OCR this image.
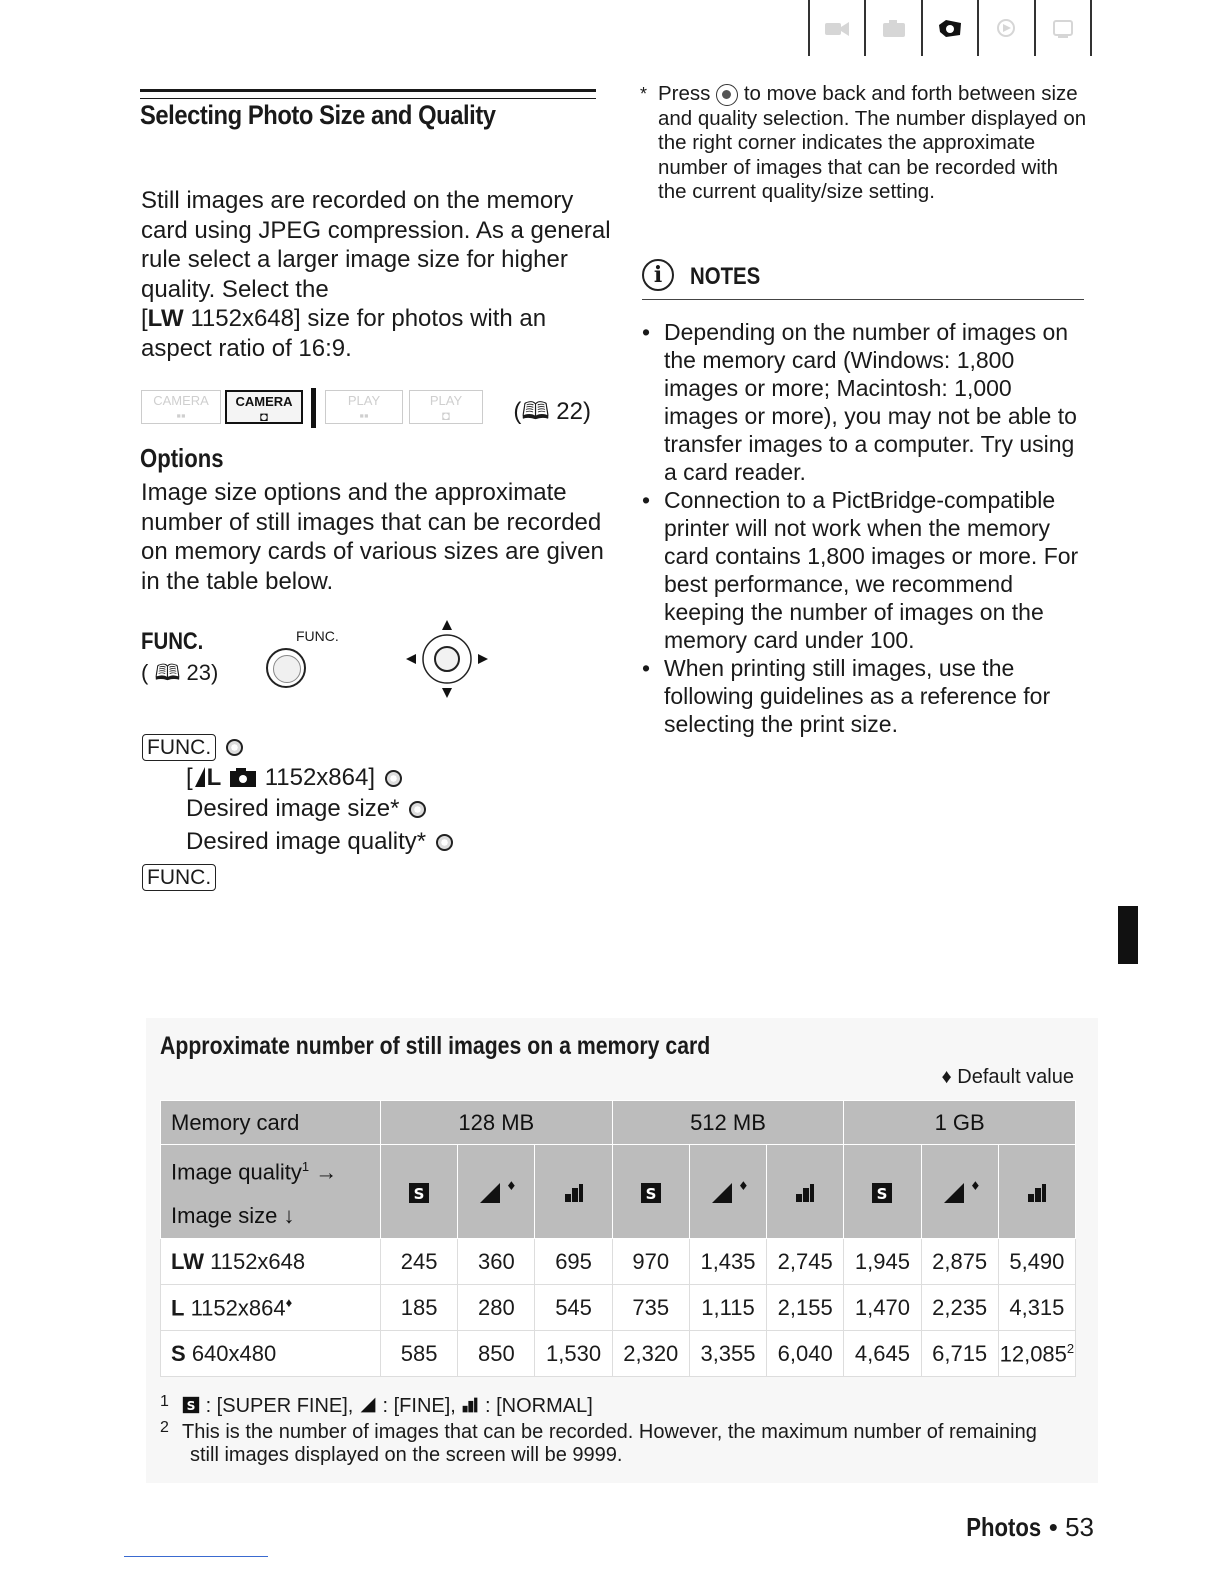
Selecting Photo Size and Quality
Still images are recorded on the memory card using JPEG compression. As a general rule select a larger image size for higher quality. Select the
[LW 1152x648] size for photos with an aspect ratio of 16:9.
CAMERA
▪▪
CAMERA
◘
PLAY
▪▪
PLAY
◘	(🕮 22)
Options
Image size options and the approximate number of still images that can be recorded on memory cards of various sizes are given in the table below.
FUNC.
( 🕮 23)
FUNC.
FUNC.
[ L 1152x864]
Desired image size*
Desired image quality*
FUNC.
* Press to move back and forth between size and quality selection. The number displayed on the right corner indicates the approximate number of images that can be recorded with the current quality/size setting.
i	NOTES
• Depending on the number of images on the memory card (Windows: 1,800 images or more; Macintosh: 1,000 images or more), you may not be able to transfer images to a computer. Try using a card reader.
• Connection to a PictBridge-compatible printer will not work when the memory card contains 1,800 images or more. For best performance, we recommend keeping the number of images on the memory card under 100.
• When printing still images, use the following guidelines as a reference for selecting the print size.
Approximate number of still images on a memory card
♦ Default value
Memory card	128 MB			512 MB			1 GB		
Image quality$^1$ →
Image size ↓	S	♦		S	♦		S	♦

LW 1152x648	245	360	695	970	1,435	2,745	1,945	2,875	5,490
L 1152x864♦	185	280	545	735	1,115	2,155	1,470	2,235	4,315
S 640x480	585	850	1,530	2,320	3,355	6,040	4,645	6,715	12,085$^2$
1 S : [SUPER FINE], : [FINE], : [NORMAL]
2 This is the number of images that can be recorded. However, the maximum number of remaining
still images displayed on the screen will be 9999.
Photos • 53
